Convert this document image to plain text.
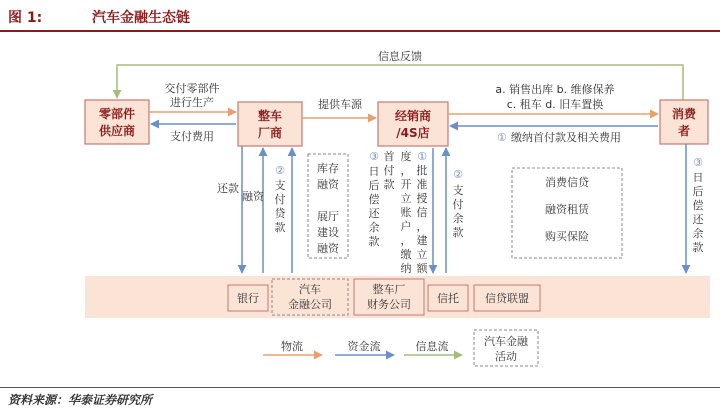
图 1:	汽车金融生态链
信息反馈
零部件
供应商
整车
厂商
经销商
/4S店
消费
者
交付零部件
进行生产
支付费用
提供车源
a. 销售出库 b. 维修保养
c. 租车 d. 旧车置换
① 缴纳首付款及相关费用
还款
融资
②
支
付
贷
款
库存
融资
展厅
建设
融资
②
支
付
余
款
③
日
后
偿
还
余
款
首
付
款
①
批
准
授
信
，
建
立
额
度
，
开
立
账
户
，
缴
纳
消费信贷
融资租赁
购买保险
③
日
后
偿
还
余
款
银行
汽车
金融公司
整车厂
财务公司 信托 信贷联盟
物流	资金流	信息流	汽车金融
活动
资料来源：华泰证券研究所
